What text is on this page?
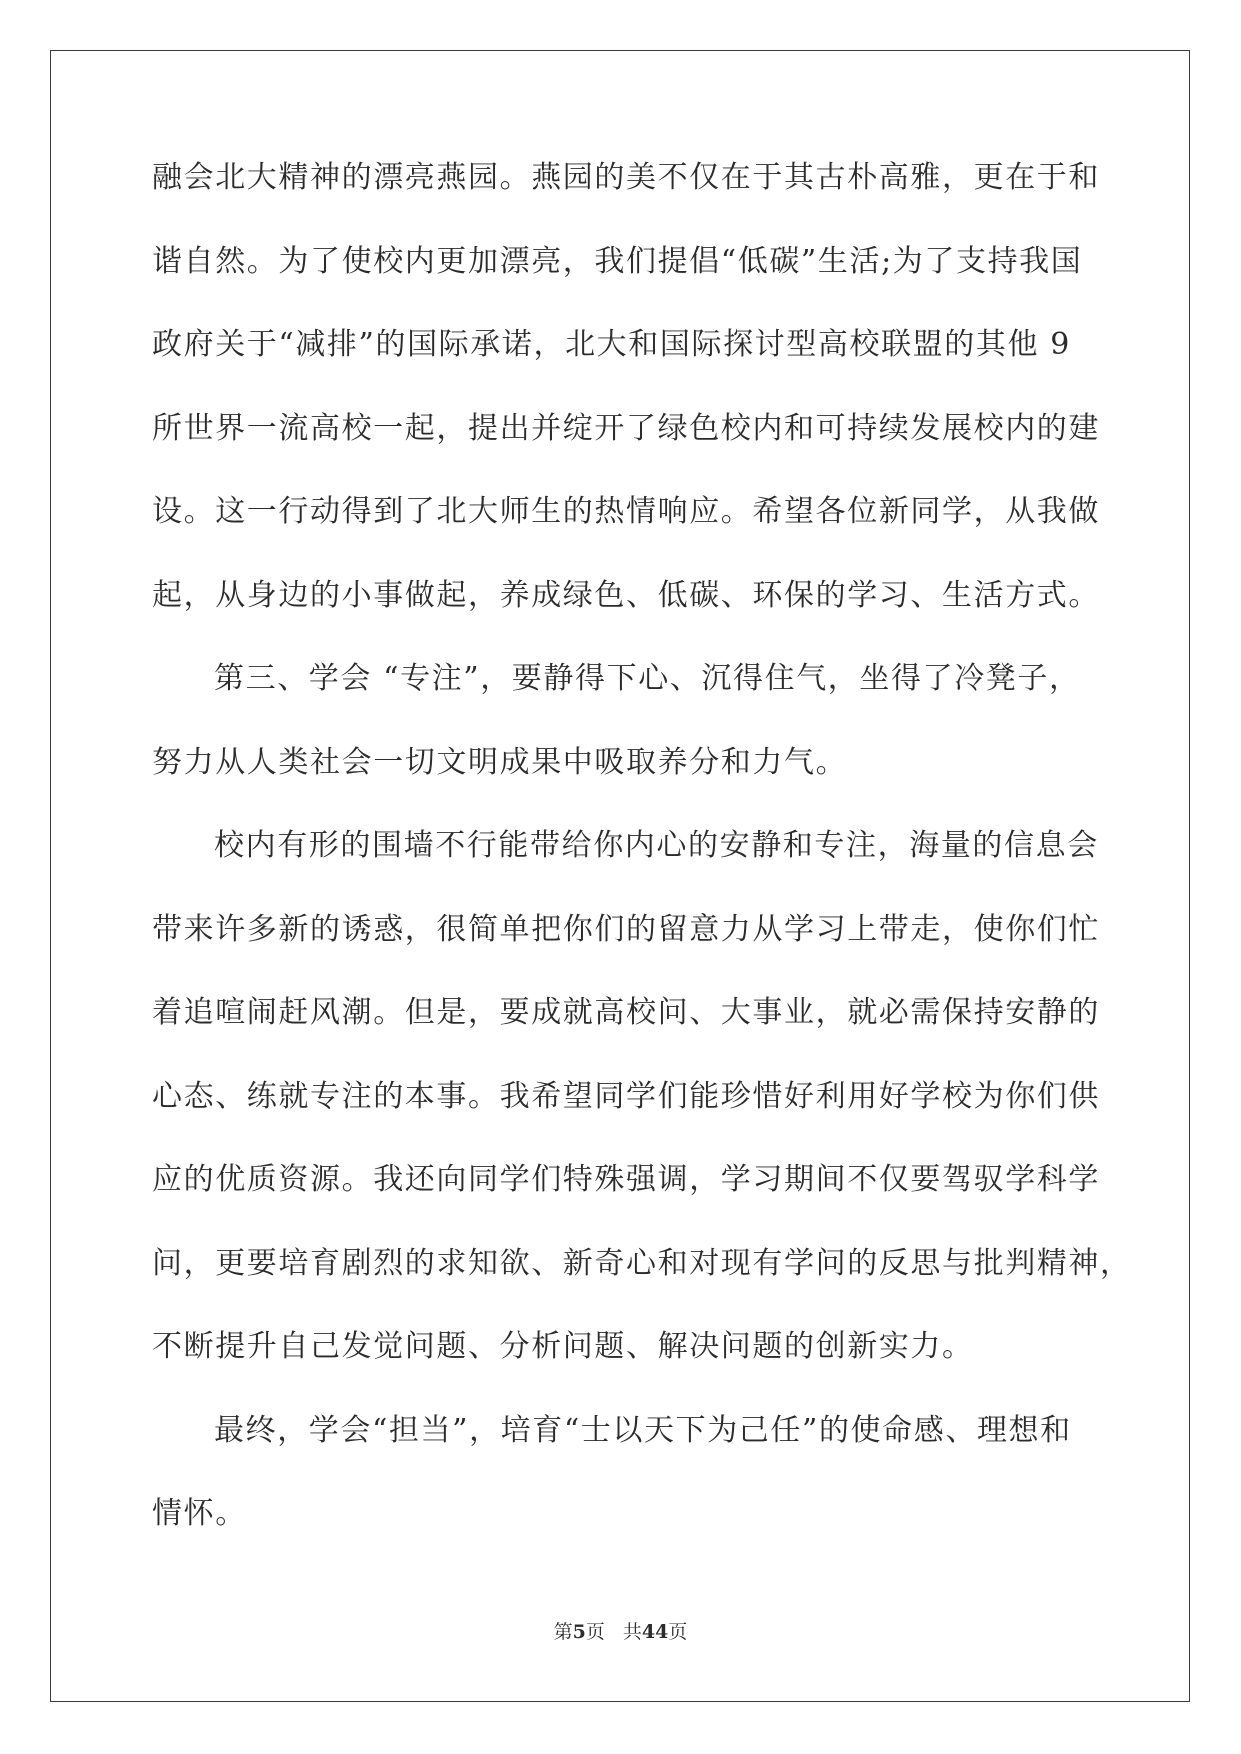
融会北大精神的漂亮燕园。燕园的美不仅在于其古朴高雅，更在于和
谐自然。为了使校内更加漂亮，我们提倡“低碳”生活;为了支持我国
政府关于“减排”的国际承诺，北大和国际探讨型高校联盟的其他 9
所世界一流高校一起，提出并绽开了绿色校内和可持续发展校内的建
设。这一行动得到了北大师生的热情响应。希望各位新同学，从我做
起，从身边的小事做起，养成绿色、低碳、环保的学习、生活方式。
第三、学会 “专注”，要静得下心、沉得住气，坐得了冷凳子，
努力从人类社会一切文明成果中吸取养分和力气。
校内有形的围墙不行能带给你内心的安静和专注，海量的信息会
带来许多新的诱惑，很简单把你们的留意力从学习上带走，使你们忙
着追喧闹赶风潮。但是，要成就高校问、大事业，就必需保持安静的
心态、练就专注的本事。我希望同学们能珍惜好利用好学校为你们供
应的优质资源。我还向同学们特殊强调，学习期间不仅要驾驭学科学
问，更要培育剧烈的求知欲、新奇心和对现有学问的反思与批判精神，
不断提升自己发觉问题、分析问题、解决问题的创新实力。
最终，学会“担当”，培育“士以天下为己任”的使命感、理想和
情怀。
第5页 共44页
